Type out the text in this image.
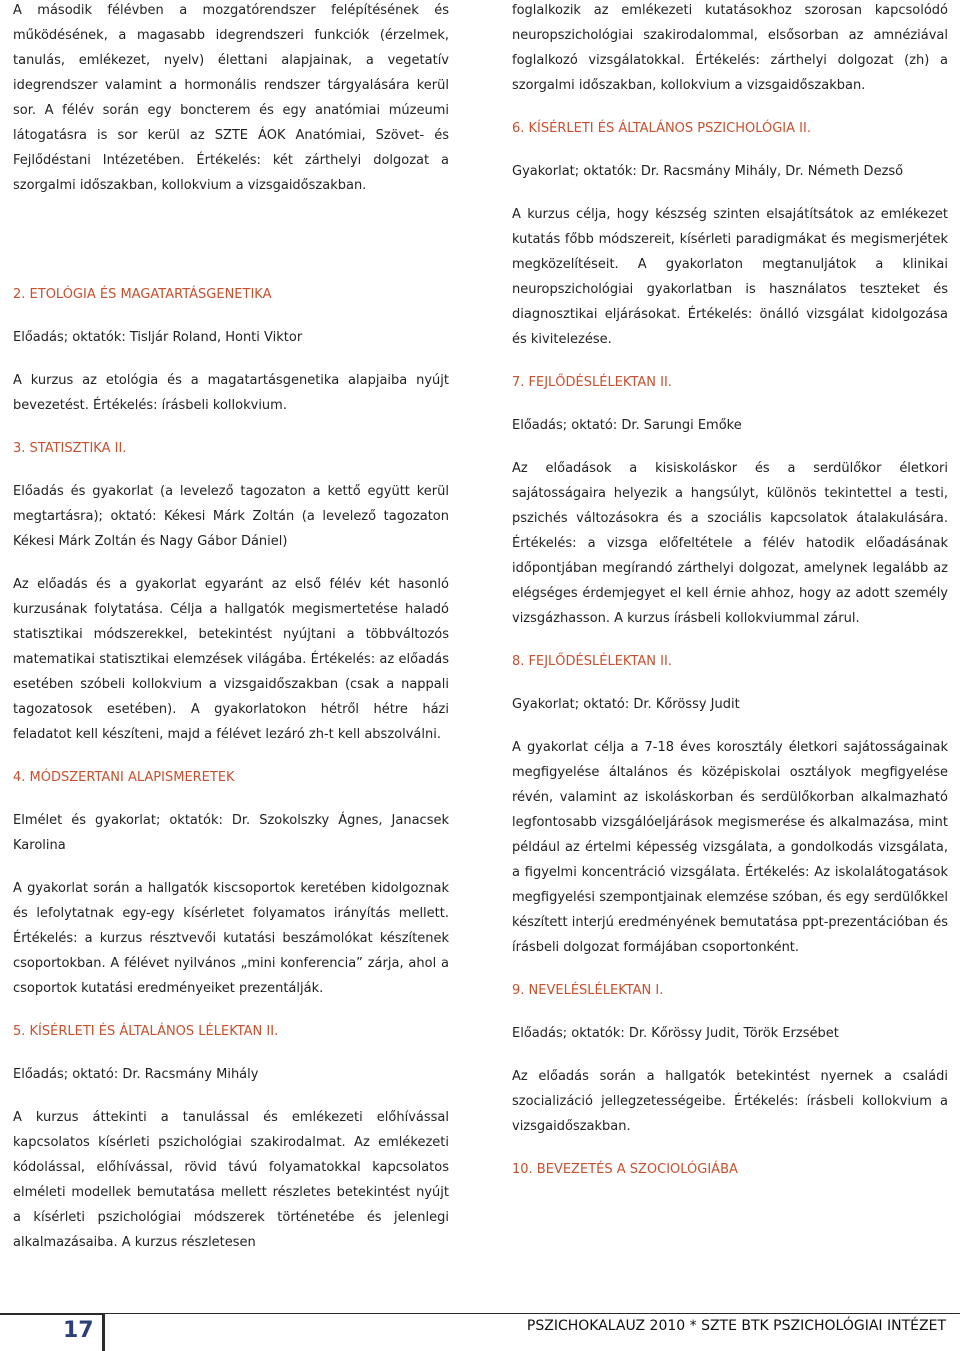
A második félévben a mozgatórendszer felépítésének és működésének, a magasabb idegrendszeri funkciók (érzelmek, tanulás, emlékezet, nyelv) élettani alapjainak, a vegetatív idegrendszer valamint a hormonális rendszer tárgyalására kerül sor. A félév során egy boncterem és egy anatómiai múzeumi látogatásra is sor kerül az SZTE ÁOK Anatómiai, Szövet- és Fejlődéstani Intézetében. Értékelés: két zárthelyi dolgozat a szorgalmi időszakban, kollokvium a vizsgaidőszakban.

2. ETOLÓGIA ÉS MAGATARTÁSGENETIKA

Előadás; oktatók: Tisljár Roland, Honti Viktor

A kurzus az etológia és a magatartásgenetika alapjaiba nyújt bevezetést. Értékelés: írásbeli kollokvium.

3. STATISZTIKA II.

Előadás és gyakorlat (a levelező tagozaton a kettő együtt kerül megtartásra); oktató: Kékesi Márk Zoltán (a levelező tagozaton Kékesi Márk Zoltán és Nagy Gábor Dániel)

Az előadás és a gyakorlat egyaránt az első félév két hasonló kurzusának folytatása. Célja a hallgatók megismertetése haladó statisztikai módszerekkel, betekintést nyújtani a többváltozós matematikai statisztikai elemzések világába. Értékelés: az előadás esetében szóbeli kollokvium a vizsgaidőszakban (csak a nappali tagozatosok esetében). A gyakorlatokon hétről hétre házi feladatot kell készíteni, majd a félévet lezáró zh-t kell abszolválni.

4. MÓDSZERTANI ALAPISMERETEK

Elmélet és gyakorlat; oktatók: Dr. Szokolszky Ágnes, Janacsek Karolina

A gyakorlat során a hallgatók kiscsoportok keretében kidolgoznak és lefolytatnak egy-egy kísérletet folyamatos irányítás mellett. Értékelés: a kurzus résztvevői kutatási beszámolókat készítenek csoportokban. A félévet nyilvános „mini konferencia” zárja, ahol a csoportok kutatási eredményeiket prezentálják.

5. KÍSÉRLETI ÉS ÁLTALÁNOS LÉLEKTAN II.

Előadás; oktató: Dr. Racsmány Mihály

A kurzus áttekinti a tanulással és emlékezeti előhívással kapcsolatos kísérleti pszichológiai szakirodalmat. Az emlékezeti kódolással, előhívással, rövid távú folyamatokkal kapcsolatos elméleti modellek bemutatása mellett részletes betekintést nyújt a kísérleti pszichológiai módszerek történetébe és jelenlegi alkalmazásaiba. A kurzus részletesen

foglalkozik az emlékezeti kutatásokhoz szorosan kapcsolódó neuropszichológiai szakirodalommal, elsősorban az amnéziával foglalkozó vizsgálatokkal. Értékelés: zárthelyi dolgozat (zh) a szorgalmi időszakban, kollokvium a vizsgaidőszakban.

6. KÍSÉRLETI ÉS ÁLTALÁNOS PSZICHOLÓGIA II.

Gyakorlat; oktatók: Dr. Racsmány Mihály, Dr. Németh Dezső

A kurzus célja, hogy készség szinten elsajátítsátok az emlékezet kutatás főbb módszereit, kísérleti paradigmákat és megismerjétek megközelítéseit. A gyakorlaton megtanuljátok a klinikai neuropszichológiai gyakorlatban is használatos teszteket és diagnosztikai eljárásokat. Értékelés: önálló vizsgálat kidolgozása és kivitelezése.

7. FEJLŐDÉSLÉLEKTAN II.

Előadás; oktató: Dr. Sarungi Emőke

Az előadások a kisiskoláskor és a serdülőkor életkori sajátosságaira helyezik a hangsúlyt, különös tekintettel a testi, pszichés változásokra és a szociális kapcsolatok átalakulására. Értékelés: a vizsga előfeltétele a félév hatodik előadásának időpontjában megírandó zárthelyi dolgozat, amelynek legalább az elégséges érdemjegyet el kell érnie ahhoz, hogy az adott személy vizsgázhasson. A kurzus írásbeli kollokviummal zárul.

8. FEJLŐDÉSLÉLEKTAN II.

Gyakorlat; oktató: Dr. Kőrössy Judit

A gyakorlat célja a 7-18 éves korosztály életkori sajátosságainak megfigyelése általános és középiskolai osztályok megfigyelése révén, valamint az iskoláskorban és serdülőkorban alkalmazható legfontosabb vizsgálóeljárások megismerése és alkalmazása, mint például az értelmi képesség vizsgálata, a gondolkodás vizsgálata, a figyelmi koncentráció vizsgálata. Értékelés: Az iskolalátogatások megfigyelési szempontjainak elemzése szóban, és egy serdülőkkel készített interjú eredményének bemutatása ppt-prezentációban és írásbeli dolgozat formájában csoportonként.

9. NEVELÉSLÉLEKTAN I.

Előadás; oktatók: Dr. Kőrössy Judit, Török Erzsébet

Az előadás során a hallgatók betekintést nyernek a családi szocializáció jellegzetességeibe. Értékelés: írásbeli kollokvium a vizsgaidőszakban.

10. BEVEZETÉS A SZOCIOLÓGIÁBA

17	PSZICHOKALAUZ 2010 * SZTE BTK PSZICHOLÓGIAI INTÉZET
